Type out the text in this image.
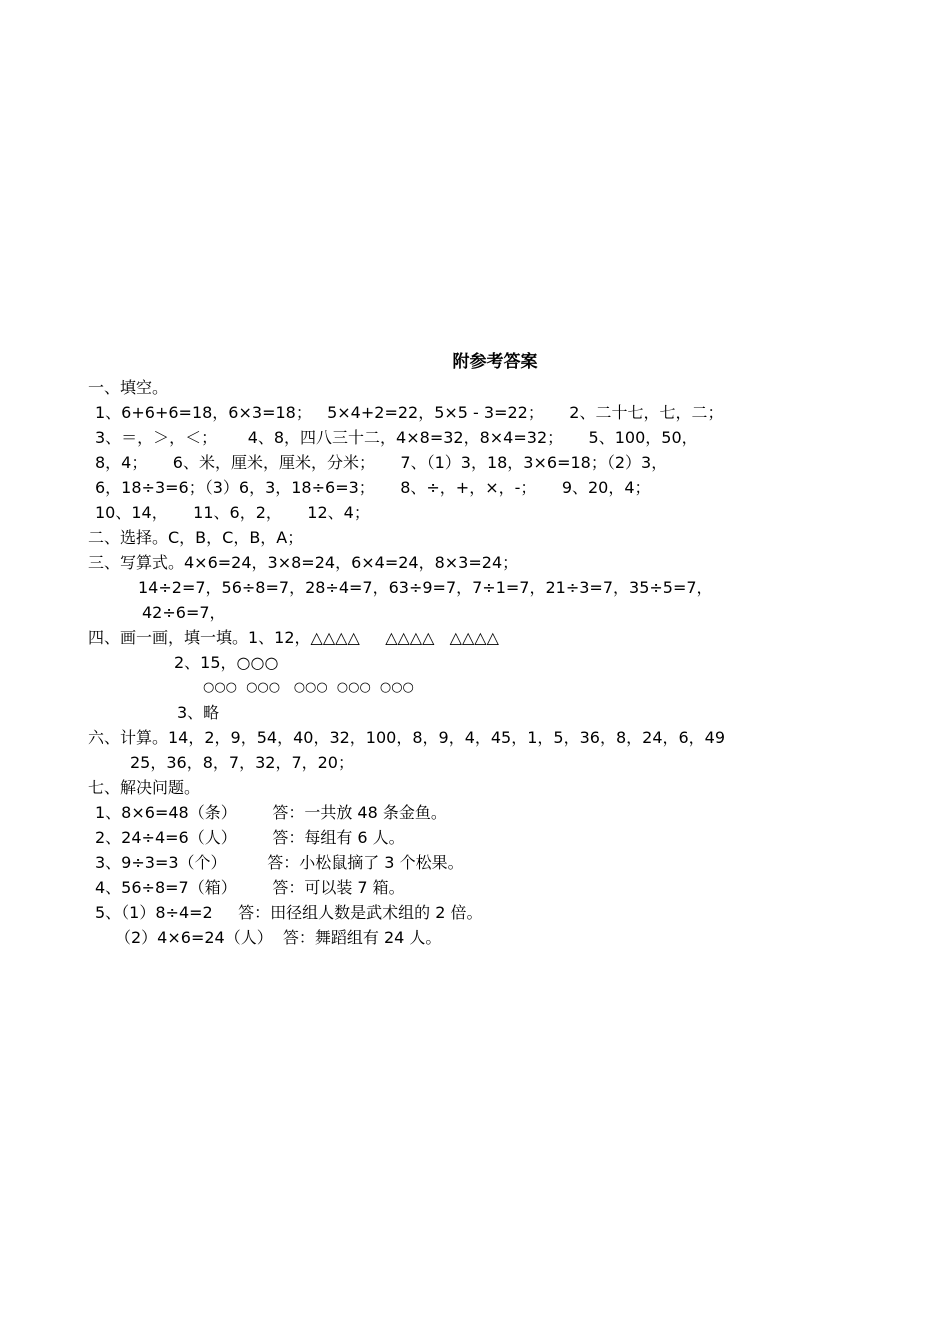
附参考答案
一、填空。
1、6+6+6=18，6×3=18；   5×4+2=22，5×5 - 3=22；     2、二十七，七，二；
3、＝，＞，＜；      4、8，四八三十二，4×8=32，8×4=32；     5、100，50，
8，4；     6、米，厘米，厘米，分米；     7、（1）3，18，3×6=18；（2）3，
6，18÷3=6；（3）6，3，18÷6=3；     8、÷，+，×，-；     9、20，4；
10、14，     11、6，2，     12、4；
二、选择。C，B，C，B，A；
三、写算式。4×6=24，3×8=24，6×4=24，8×3=24；
14÷2=7，56÷8=7，28÷4=7，63÷9=7，7÷1=7，21÷3=7，35÷5=7，
42÷6=7，
四、画一画，填一填。1、12，△△△△     △△△△   △△△△
2、15，○○○
○○○  ○○○   ○○○  ○○○  ○○○
3、略
六、计算。14，2，9，54，40，32，100，8，9，4，45，1，5，36，8，24，6，49
25，36，8，7，32，7，20；
七、解决问题。
1、8×6=48（条）       答：一共放 48 条金鱼。
2、24÷4=6（人）       答：每组有 6 人。
3、9÷3=3（个）        答：小松鼠摘了 3 个松果。
4、56÷8=7（箱）       答：可以装 7 箱。
5、（1）8÷4=2     答：田径组人数是武术组的 2 倍。
（2）4×6=24（人）  答：舞蹈组有 24 人。
